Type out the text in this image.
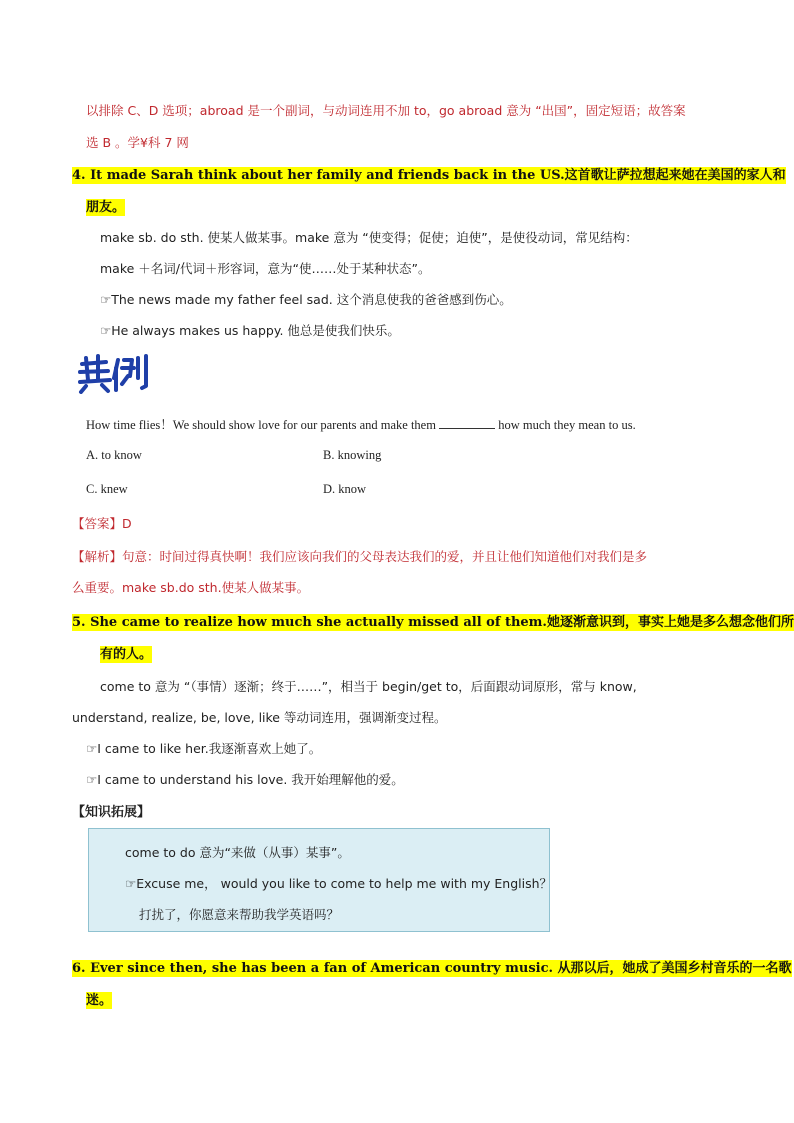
以排除 C、D 选项；abroad 是一个副词，与动词连用不加 to，go abroad 意为 “出国”，固定短语；故答案
选 B 。学¥科 7 网
4. It made Sarah think about her family and friends back in the US.这首歌让萨拉想起来她在美国的家人和
朋友。
make sb. do sth. 使某人做某事。make 意为 “使变得；促使；迫使”，是使役动词，常见结构：
make ＋名词/代词＋形容词，意为“使……处于某种状态”。
☞The news made my father feel sad. 这个消息使我的爸爸感到伤心。
☞He always makes us happy. 他总是使我们快乐。
How time flies！We should show love for our parents and make them	how much they mean to us.
A. to know	B. knowing
C. knew	D. know
【答案】D
【解析】句意：时间过得真快啊！我们应该向我们的父母表达我们的爱，并且让他们知道他们对我们是多
么重要。make sb.do sth.使某人做某事。
5. She came to realize how much she actually missed all of them.她逐渐意识到，事实上她是多么想念他们所
有的人。
come to 意为 “（事情）逐渐；终于……”，相当于 begin/get to，后面跟动词原形，常与 know,
understand, realize, be, love, like 等动词连用，强调渐变过程。
☞I came to like her.我逐渐喜欢上她了。
☞I came to understand his love. 我开始理解他的爱。
【知识拓展】
come to do 意为“来做（从事）某事”。
☞Excuse me， would you like to come to help me with my English？
打扰了，你愿意来帮助我学英语吗？
6. Ever since then, she has been a fan of American country music. 从那以后，她成了美国乡村音乐的一名歌
迷。
